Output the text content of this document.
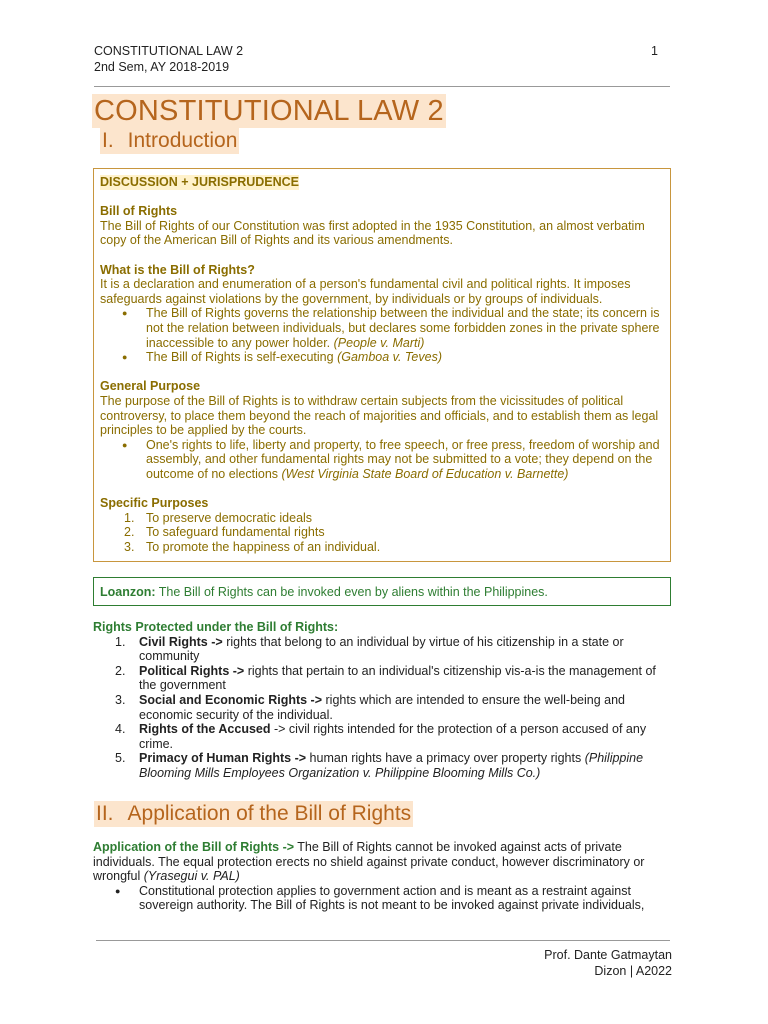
CONSTITUTIONAL LAW 2
2nd Sem, AY 2018-2019
1
CONSTITUTIONAL LAW 2
I. Introduction
DISCUSSION + JURISPRUDENCE

Bill of Rights

The Bill of Rights of our Constitution was first adopted in the 1935 Constitution, an almost verbatim copy of the American Bill of Rights and its various amendments.

What is the Bill of Rights?

It is a declaration and enumeration of a person's fundamental civil and political rights. It imposes safeguards against violations by the government, by individuals or by groups of individuals.

● The Bill of Rights governs the relationship between the individual and the state; its concern is not the relation between individuals, but declares some forbidden zones in the private sphere inaccessible to any power holder. (People v. Marti)
● The Bill of Rights is self-executing (Gamboa v. Teves)

General Purpose

The purpose of the Bill of Rights is to withdraw certain subjects from the vicissitudes of political controversy, to place them beyond the reach of majorities and officials, and to establish them as legal principles to be applied by the courts.

● One's rights to life, liberty and property, to free speech, or free press, freedom of worship and assembly, and other fundamental rights may not be submitted to a vote; they depend on the outcome of no elections (West Virginia State Board of Education v. Barnette)

Specific Purposes

1. To preserve democratic ideals
2. To safeguard fundamental rights
3. To promote the happiness of an individual.
Loanzon: The Bill of Rights can be invoked even by aliens within the Philippines.

Rights Protected under the Bill of Rights:

1. Civil Rights -> rights that belong to an individual by virtue of his citizenship in a state or community
2. Political Rights -> rights that pertain to an individual's citizenship vis-a-is the management of the government
3. Social and Economic Rights -> rights which are intended to ensure the well-being and economic security of the individual.
4. Rights of the Accused -> civil rights intended for the protection of a person accused of any crime.
5. Primacy of Human Rights -> human rights have a primacy over property rights (Philippine Blooming Mills Employees Organization v. Philippine Blooming Mills Co.)
II. Application of the Bill of Rights

Application of the Bill of Rights -> The Bill of Rights cannot be invoked against acts of private individuals. The equal protection erects no shield against private conduct, however discriminatory or wrongful (Yrasegui v. PAL)

● Constitutional protection applies to government action and is meant as a restraint against sovereign authority. The Bill of Rights is not meant to be invoked against private individuals,
Prof. Dante Gatmaytan
Dizon | A2022
